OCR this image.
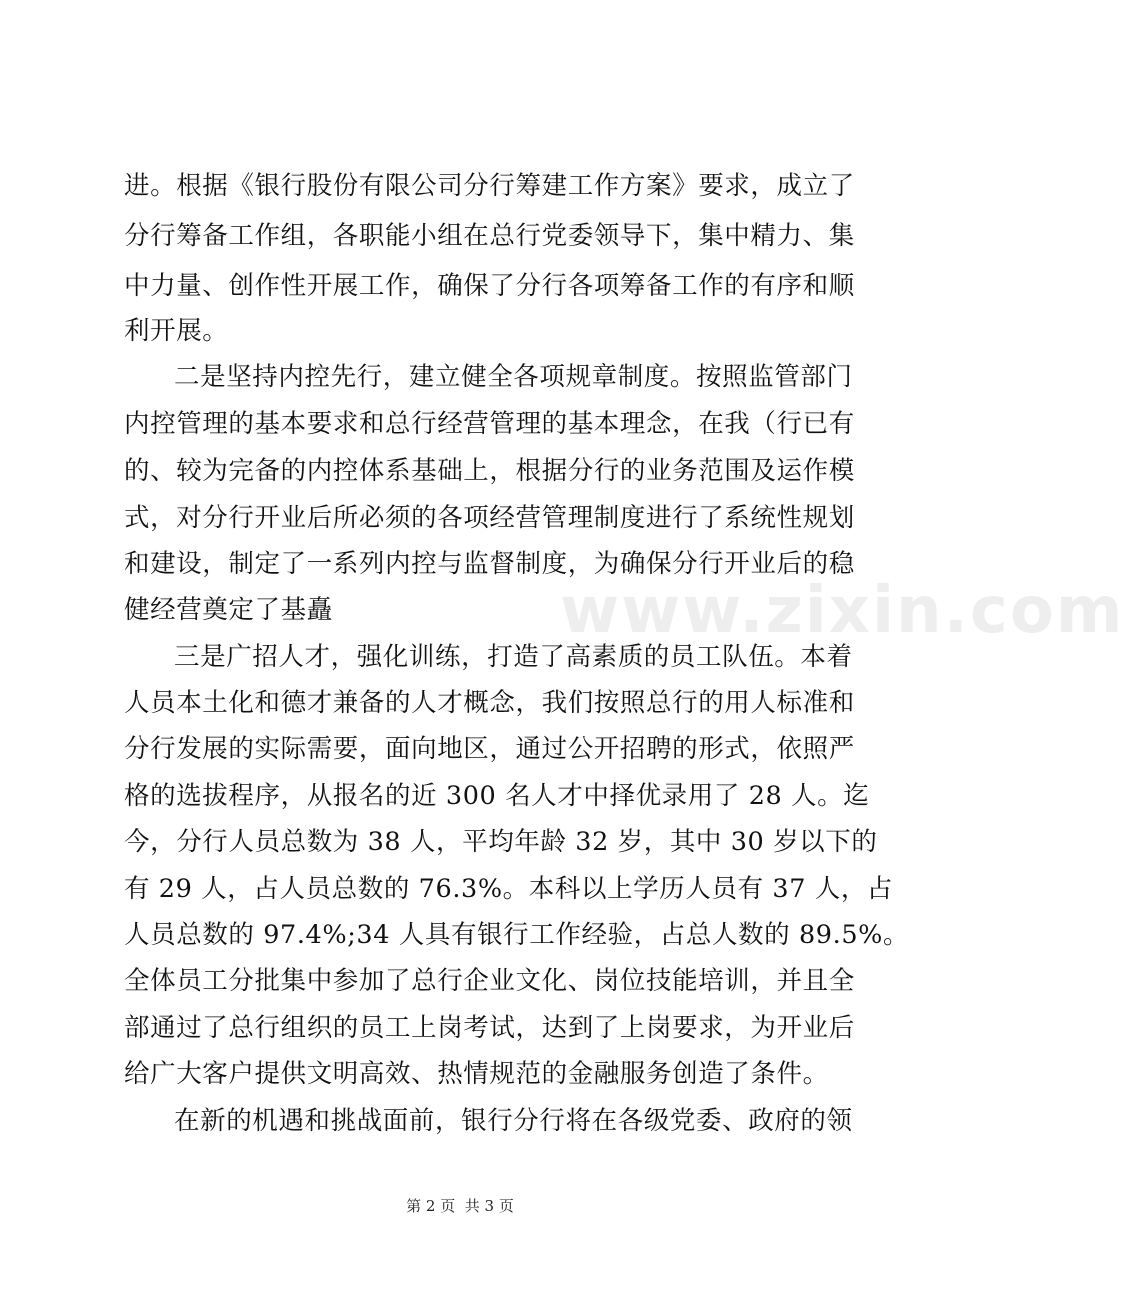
www.zixin.com
进。根据《银行股份有限公司分行筹建工作方案》要求，成立了
分行筹备工作组，各职能小组在总行党委领导下，集中精力、集
中力量、创作性开展工作，确保了分行各项筹备工作的有序和顺
利开展。
二是坚持内控先行，建立健全各项规章制度。按照监管部门
内控管理的基本要求和总行经营管理的基本理念，在我（行已有
的、较为完备的内控体系基础上，根据分行的业务范围及运作模
式，对分行开业后所必须的各项经营管理制度进行了系统性规划
和建设，制定了一系列内控与监督制度，为确保分行开业后的稳
健经营奠定了基矗
三是广招人才，强化训练，打造了高素质的员工队伍。本着
人员本土化和德才兼备的人才概念，我们按照总行的用人标准和
分行发展的实际需要，面向地区，通过公开招聘的形式，依照严
格的选拔程序，从报名的近 300 名人才中择优录用了 28 人。迄
今，分行人员总数为 38 人，平均年龄 32 岁，其中 30 岁以下的
有 29 人，占人员总数的 76.3%。本科以上学历人员有 37 人，占
人员总数的 97.4%;34 人具有银行工作经验，占总人数的 89.5%。
全体员工分批集中参加了总行企业文化、岗位技能培训，并且全
部通过了总行组织的员工上岗考试，达到了上岗要求，为开业后
给广大客户提供文明高效、热情规范的金融服务创造了条件。
在新的机遇和挑战面前，银行分行将在各级党委、政府的领
第 2 页  共 3 页
